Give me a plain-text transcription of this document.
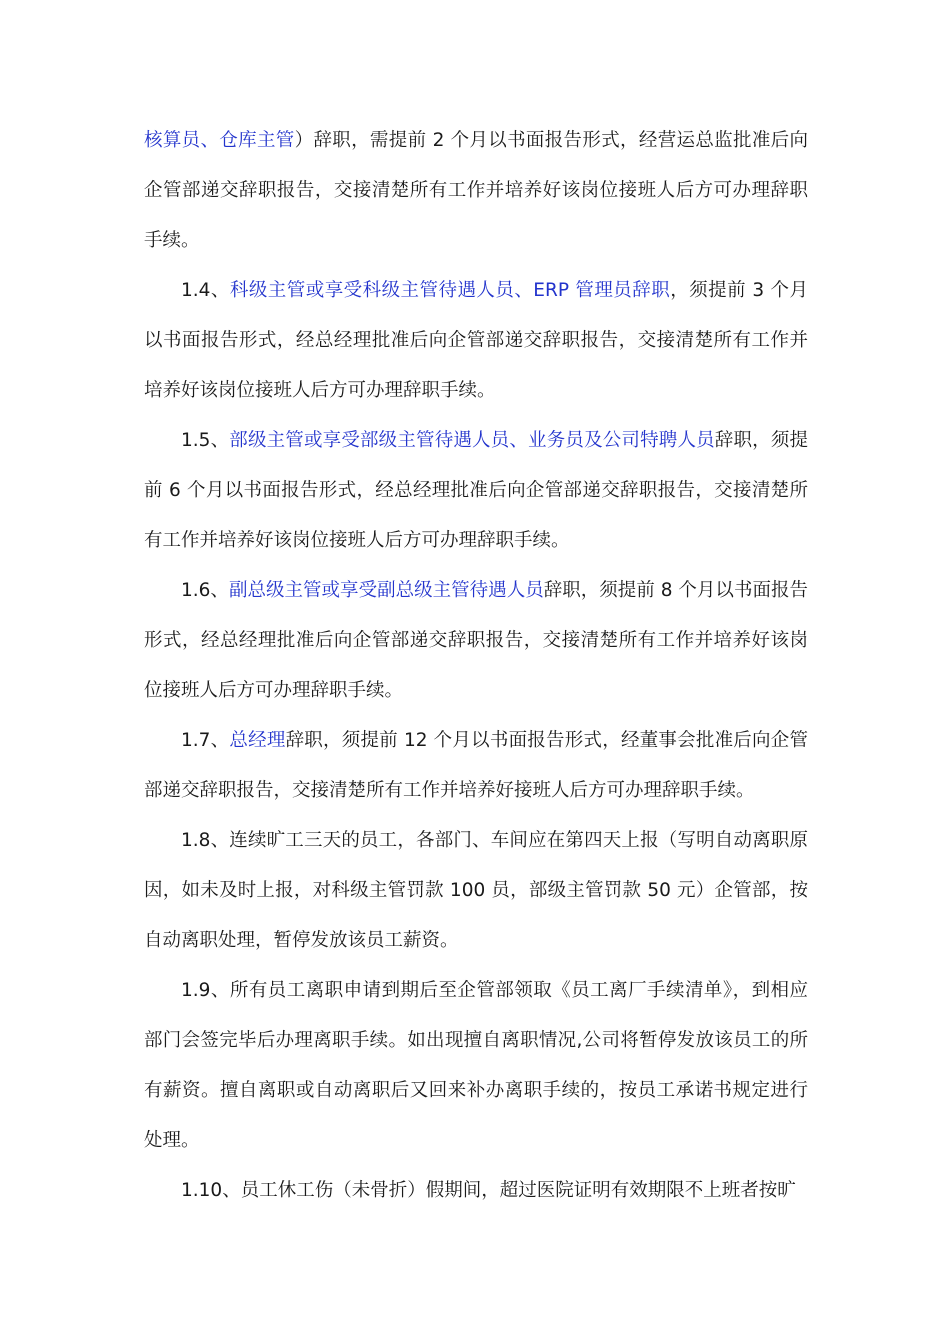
核算员、仓库主管）辞职，需提前 2 个月以书面报告形式，经营运总监批准后向企管部递交辞职报告，交接清楚所有工作并培养好该岗位接班人后方可办理辞职手续。

1.4、科级主管或享受科级主管待遇人员、ERP 管理员辞职，须提前 3 个月以书面报告形式，经总经理批准后向企管部递交辞职报告，交接清楚所有工作并培养好该岗位接班人后方可办理辞职手续。

1.5、部级主管或享受部级主管待遇人员、业务员及公司特聘人员辞职，须提前 6 个月以书面报告形式，经总经理批准后向企管部递交辞职报告，交接清楚所有工作并培养好该岗位接班人后方可办理辞职手续。

1.6、副总级主管或享受副总级主管待遇人员辞职，须提前 8 个月以书面报告形式，经总经理批准后向企管部递交辞职报告，交接清楚所有工作并培养好该岗位接班人后方可办理辞职手续。

1.7、总经理辞职，须提前 12 个月以书面报告形式，经董事会批准后向企管部递交辞职报告，交接清楚所有工作并培养好接班人后方可办理辞职手续。

1.8、连续旷工三天的员工，各部门、车间应在第四天上报（写明自动离职原因，如未及时上报，对科级主管罚款 100 员，部级主管罚款 50 元）企管部，按自动离职处理，暂停发放该员工薪资。

1.9、所有员工离职申请到期后至企管部领取《员工离厂手续清单》，到相应部门会签完毕后办理离职手续。如出现擅自离职情况,公司将暂停发放该员工的所有薪资。擅自离职或自动离职后又回来补办离职手续的，按员工承诺书规定进行处理。

1.10、员工休工伤（未骨折）假期间，超过医院证明有效期限不上班者按旷
